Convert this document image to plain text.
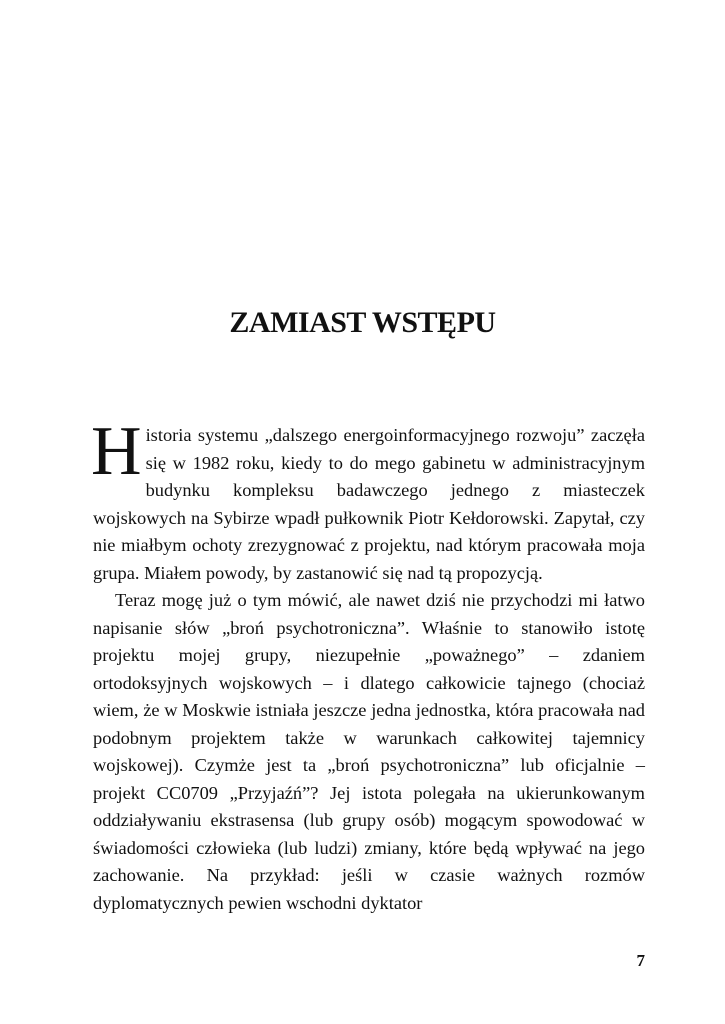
ZAMIAST WSTĘPU

Historia systemu „dalszego energoinformacyjnego rozwoju” zaczęła się w 1982 roku, kiedy to do mego gabinetu w administracyjnym budynku kompleksu badawczego jednego z miasteczek wojskowych na Sybirze wpadł pułkownik Piotr Kełdorowski. Zapytał, czy nie miałbym ochoty zrezygnować z projektu, nad którym pracowała moja grupa. Miałem powody, by zastanowić się nad tą propozycją.

Teraz mogę już o tym mówić, ale nawet dziś nie przychodzi mi łatwo napisanie słów „broń psychotroniczna”. Właśnie to stanowiło istotę projektu mojej grupy, niezupełnie „poważnego” – zdaniem ortodoksyjnych wojskowych – i dlatego całkowicie tajnego (chociaż wiem, że w Moskwie istniała jeszcze jedna jednostka, która pracowała nad podobnym projektem także w warunkach całkowitej tajemnicy wojskowej). Czymże jest ta „broń psychotroniczna” lub oficjalnie – projekt CC0709 „Przyjaźń”? Jej istota polegała na ukierunkowanym oddziaływaniu ekstrasensa (lub grupy osób) mogącym spowodować w świadomości człowieka (lub ludzi) zmiany, które będą wpływać na jego zachowanie. Na przykład: jeśli w czasie ważnych rozmów dyplomatycznych pewien wschodni dyktator

7
